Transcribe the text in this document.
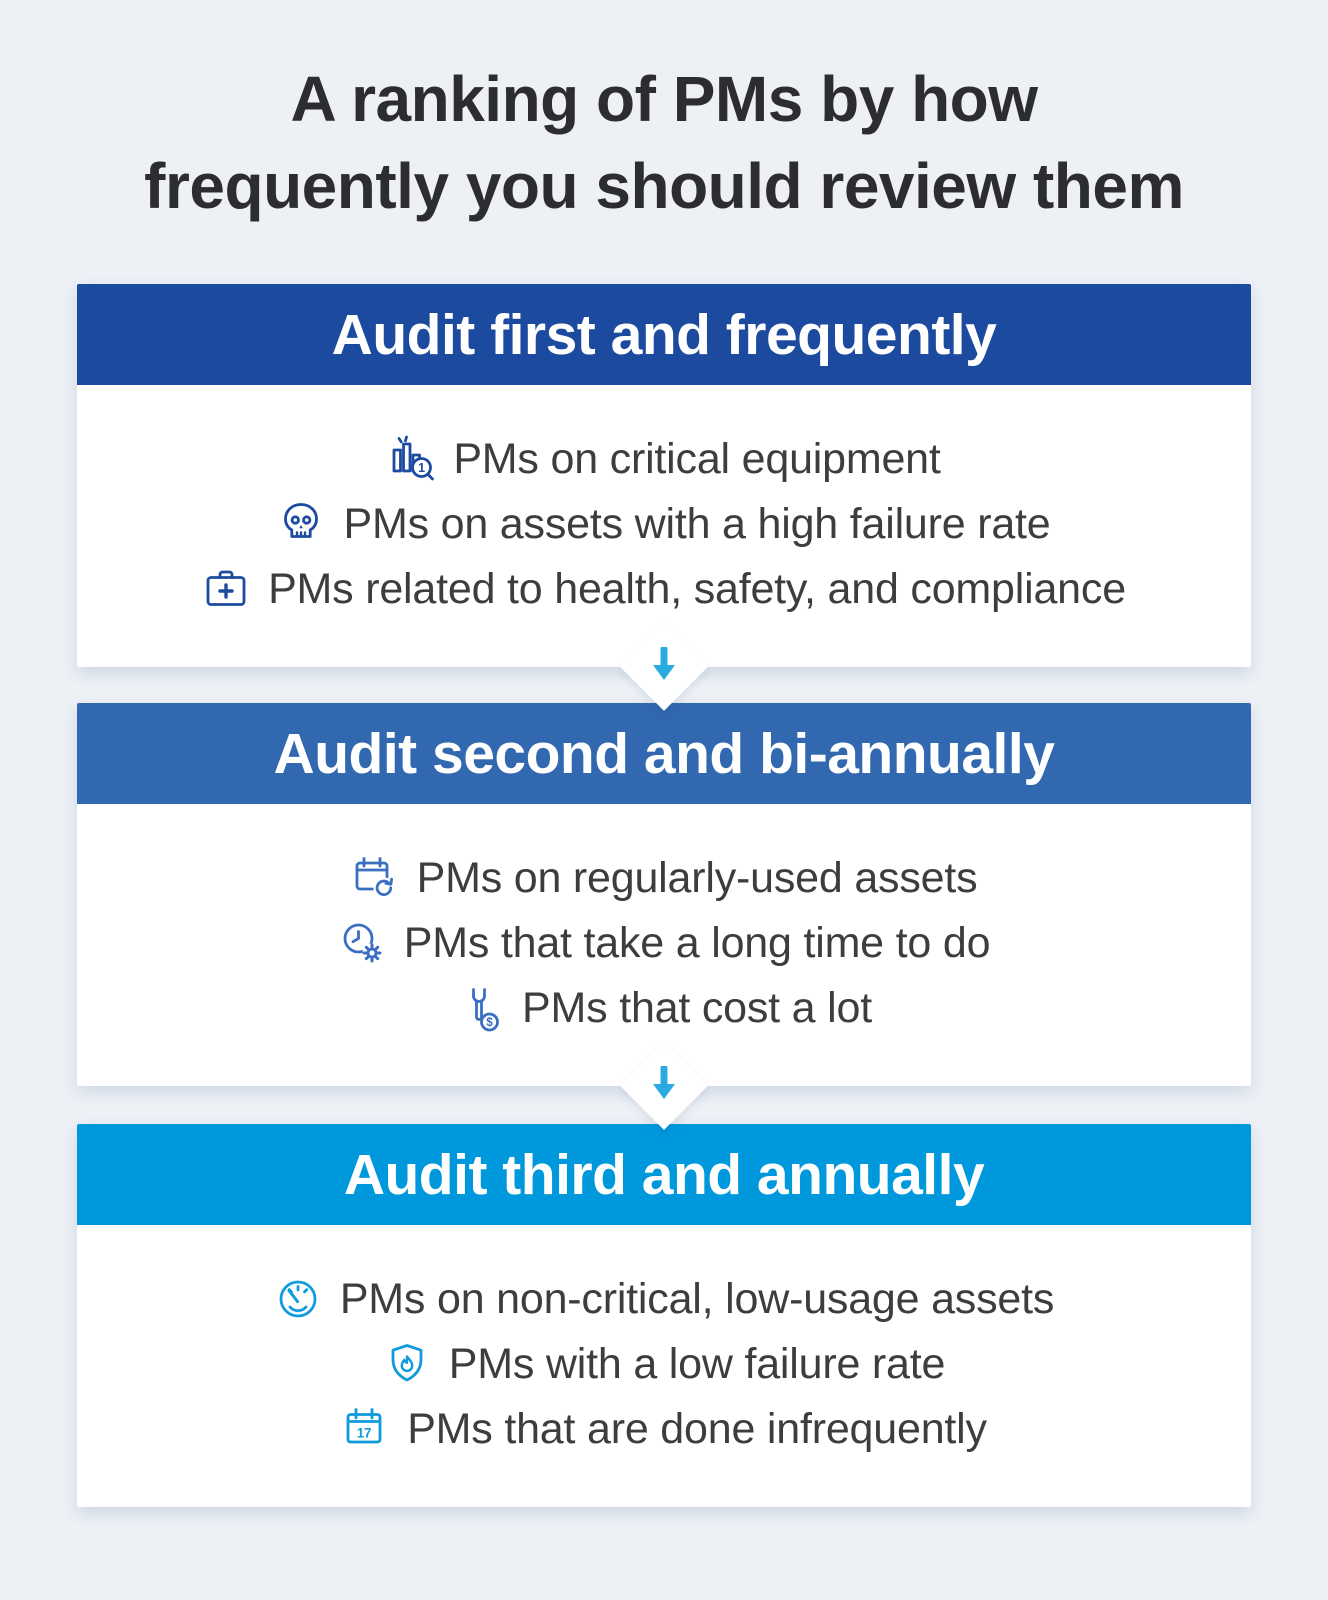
A ranking of PMs by how
frequently you should review them
Audit first and frequently
1 PMs on critical equipment
PMs on assets with a high failure rate
PMs related to health, safety, and compliance
Audit second and bi-annually
PMs on regularly-used assets
PMs that take a long time to do
$ PMs that cost a lot
Audit third and annually
PMs on non-critical, low-usage assets
PMs with a low failure rate
17 PMs that are done infrequently
